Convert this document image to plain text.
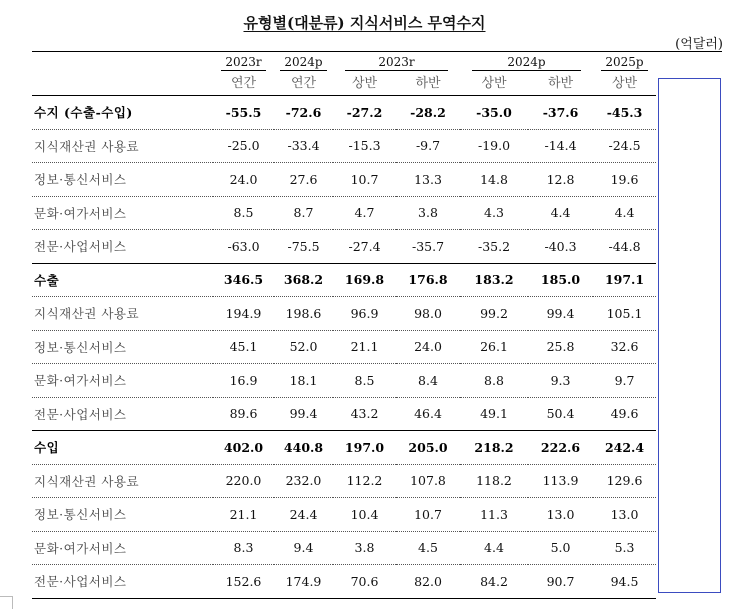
유형별(대분류) 지식서비스 무역수지
(억달러)
	2023r	2024p	2023r		2024p		2025p
	연간	연간	상반	하반	상반	하반	상반
수지 (수출-수입)	-55.5	-72.6	-27.2	-28.2	-35.0	-37.6	-45.3
지식재산권 사용료	-25.0	-33.4	-15.3	-9.7	-19.0	-14.4	-24.5
정보·통신서비스	24.0	27.6	10.7	13.3	14.8	12.8	19.6
문화·여가서비스	8.5	8.7	4.7	3.8	4.3	4.4	4.4
전문·사업서비스	-63.0	-75.5	-27.4	-35.7	-35.2	-40.3	-44.8
수출	346.5	368.2	169.8	176.8	183.2	185.0	197.1
지식재산권 사용료	194.9	198.6	96.9	98.0	99.2	99.4	105.1
정보·통신서비스	45.1	52.0	21.1	24.0	26.1	25.8	32.6
문화·여가서비스	16.9	18.1	8.5	8.4	8.8	9.3	9.7
전문·사업서비스	89.6	99.4	43.2	46.4	49.1	50.4	49.6
수입	402.0	440.8	197.0	205.0	218.2	222.6	242.4
지식재산권 사용료	220.0	232.0	112.2	107.8	118.2	113.9	129.6
정보·통신서비스	21.1	24.4	10.4	10.7	11.3	13.0	13.0
문화·여가서비스	8.3	9.4	3.8	4.5	4.4	5.0	5.3
전문·사업서비스	152.6	174.9	70.6	82.0	84.2	90.7	94.5
